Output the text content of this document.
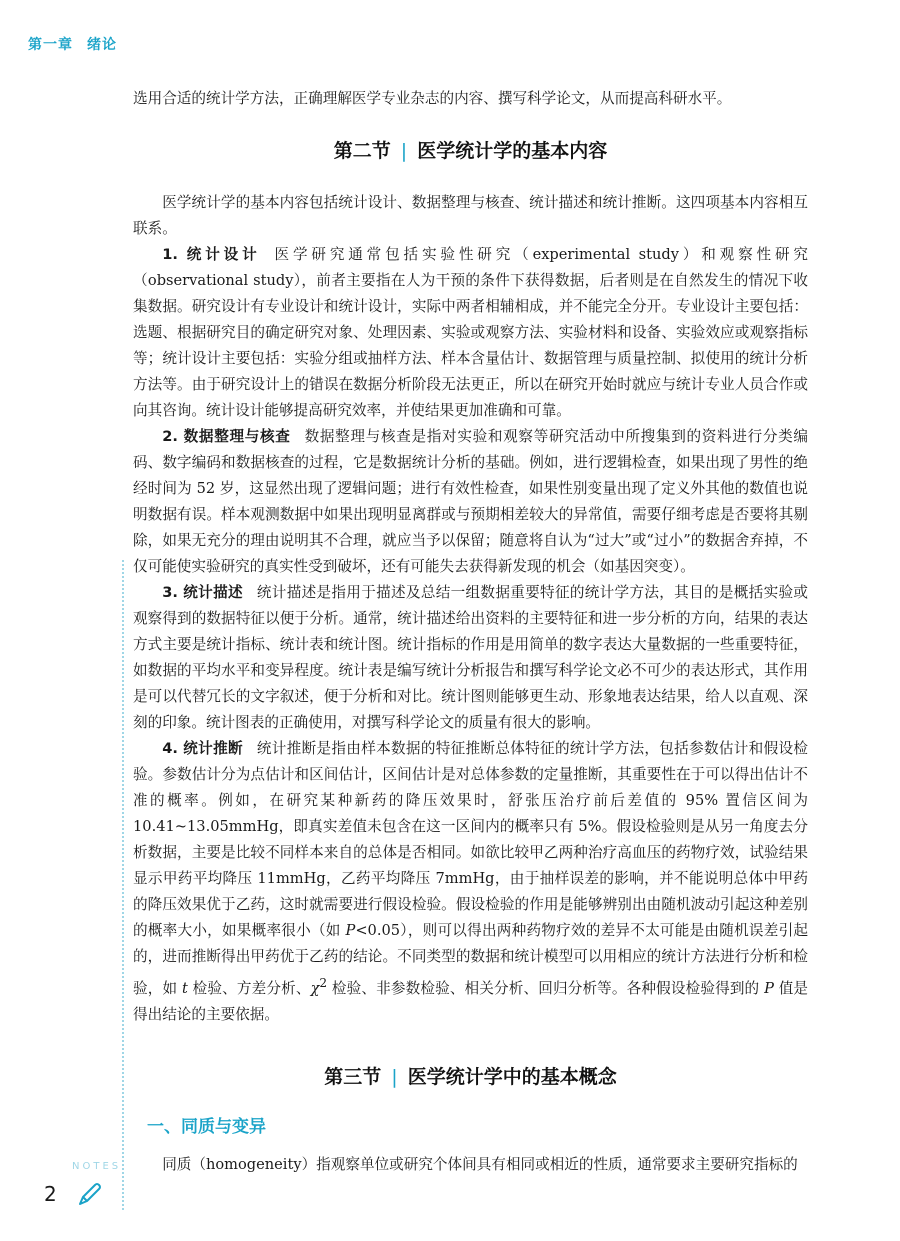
第一章 绪论

选用合适的统计学方法，正确理解医学专业杂志的内容、撰写科学论文，从而提高科研水平。

第二节 | 医学统计学的基本内容

医学统计学的基本内容包括统计设计、数据整理与核查、统计描述和统计推断。这四项基本内容相互联系。

1. 统计设计 医学研究通常包括实验性研究（experimental study）和观察性研究（observational study），前者主要指在人为干预的条件下获得数据，后者则是在自然发生的情况下收集数据。研究设计有专业设计和统计设计，实际中两者相辅相成，并不能完全分开。专业设计主要包括：选题、根据研究目的确定研究对象、处理因素、实验或观察方法、实验材料和设备、实验效应或观察指标等；统计设计主要包括：实验分组或抽样方法、样本含量估计、数据管理与质量控制、拟使用的统计分析方法等。由于研究设计上的错误在数据分析阶段无法更正，所以在研究开始时就应与统计专业人员合作或向其咨询。统计设计能够提高研究效率，并使结果更加准确和可靠。

2. 数据整理与核查 数据整理与核查是指对实验和观察等研究活动中所搜集到的资料进行分类编码、数字编码和数据核查的过程，它是数据统计分析的基础。例如，进行逻辑检查，如果出现了男性的绝经时间为 52 岁，这显然出现了逻辑问题；进行有效性检查，如果性别变量出现了定义外其他的数值也说明数据有误。样本观测数据中如果出现明显离群或与预期相差较大的异常值，需要仔细考虑是否要将其剔除，如果无充分的理由说明其不合理，就应当予以保留；随意将自认为“过大”或“过小”的数据舍弃掉，不仅可能使实验研究的真实性受到破坏，还有可能失去获得新发现的机会（如基因突变）。

3. 统计描述 统计描述是指用于描述及总结一组数据重要特征的统计学方法，其目的是概括实验或观察得到的数据特征以便于分析。通常，统计描述给出资料的主要特征和进一步分析的方向，结果的表达方式主要是统计指标、统计表和统计图。统计指标的作用是用简单的数字表达大量数据的一些重要特征，如数据的平均水平和变异程度。统计表是编写统计分析报告和撰写科学论文必不可少的表达形式，其作用是可以代替冗长的文字叙述，便于分析和对比。统计图则能够更生动、形象地表达结果，给人以直观、深刻的印象。统计图表的正确使用，对撰写科学论文的质量有很大的影响。

4. 统计推断 统计推断是指由样本数据的特征推断总体特征的统计学方法，包括参数估计和假设检验。参数估计分为点估计和区间估计，区间估计是对总体参数的定量推断，其重要性在于可以得出估计不准的概率。例如，在研究某种新药的降压效果时，舒张压治疗前后差值的 95% 置信区间为 10.41~13.05mmHg，即真实差值未包含在这一区间内的概率只有 5%。假设检验则是从另一角度去分析数据，主要是比较不同样本来自的总体是否相同。如欲比较甲乙两种治疗高血压的药物疗效，试验结果显示甲药平均降压 11mmHg，乙药平均降压 7mmHg，由于抽样误差的影响，并不能说明总体中甲药的降压效果优于乙药，这时就需要进行假设检验。假设检验的作用是能够辨别出由随机波动引起这种差别的概率大小，如果概率很小（如 P<0.05），则可以得出两种药物疗效的差异不太可能是由随机误差引起的，进而推断得出甲药优于乙药的结论。不同类型的数据和统计模型可以用相应的统计方法进行分析和检验，如 t 检验、方差分析、$\chi^2$ 检验、非参数检验、相关分析、回归分析等。各种假设检验得到的 P 值是得出结论的主要依据。

第三节 | 医学统计学中的基本概念
一、同质与变异

同质（homogeneity）指观察单位或研究个体间具有相同或相近的性质，通常要求主要研究指标的

NOTES
2
